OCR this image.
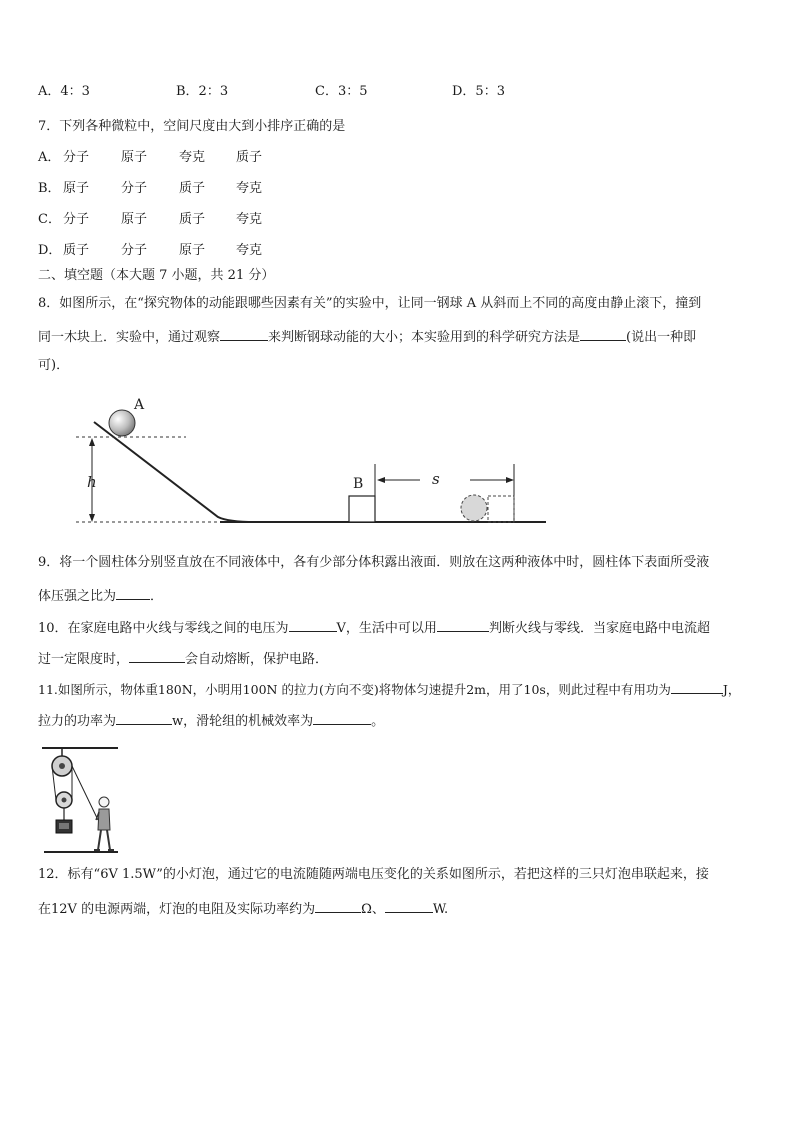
A．4：3	B．2：3	C．3：5	D．5：3
7．下列各种微粒中，空间尺度由大到小排序正确的是
A． 分子 原子 夸克 质子
B． 原子 分子 质子 夸克
C． 分子 原子 质子 夸克
D． 质子 分子 原子 夸克
二、填空题（本大题 7 小题，共 21 分）
8．如图所示，在“探究物体的动能跟哪些因素有关”的实验中，让同一钢球 A 从斜而上不同的高度由静止滚下，撞到
同一木块上．实验中，通过观察	来判断钢球动能的大小；本实验用到的科学研究方法是	(说出一种即
可)．
h
A
B	s
9．将一个圆柱体分别竖直放在不同液体中，各有少部分体积露出液面．则放在这两种液体中时，圆柱体下表面所受液
体压强之比为	．
10．在家庭电路中火线与零线之间的电压为	V，生活中可以用	判断火线与零线．当家庭电路中电流超
过一定限度时，	会自动熔断，保护电路．
11.如图所示，物体重180N，小明用100N 的拉力(方向不变)将物体匀速提升2m，用了10s，则此过程中有用功为	J，
拉力的功率为	w，滑轮组的机械效率为	。
12．标有“6V 1.5W”的小灯泡，通过它的电流随随两端电压变化的关系如图所示，若把这样的三只灯泡串联起来，接
在12V 的电源两端，灯泡的电阻及实际功率约为	Ω、	W.
